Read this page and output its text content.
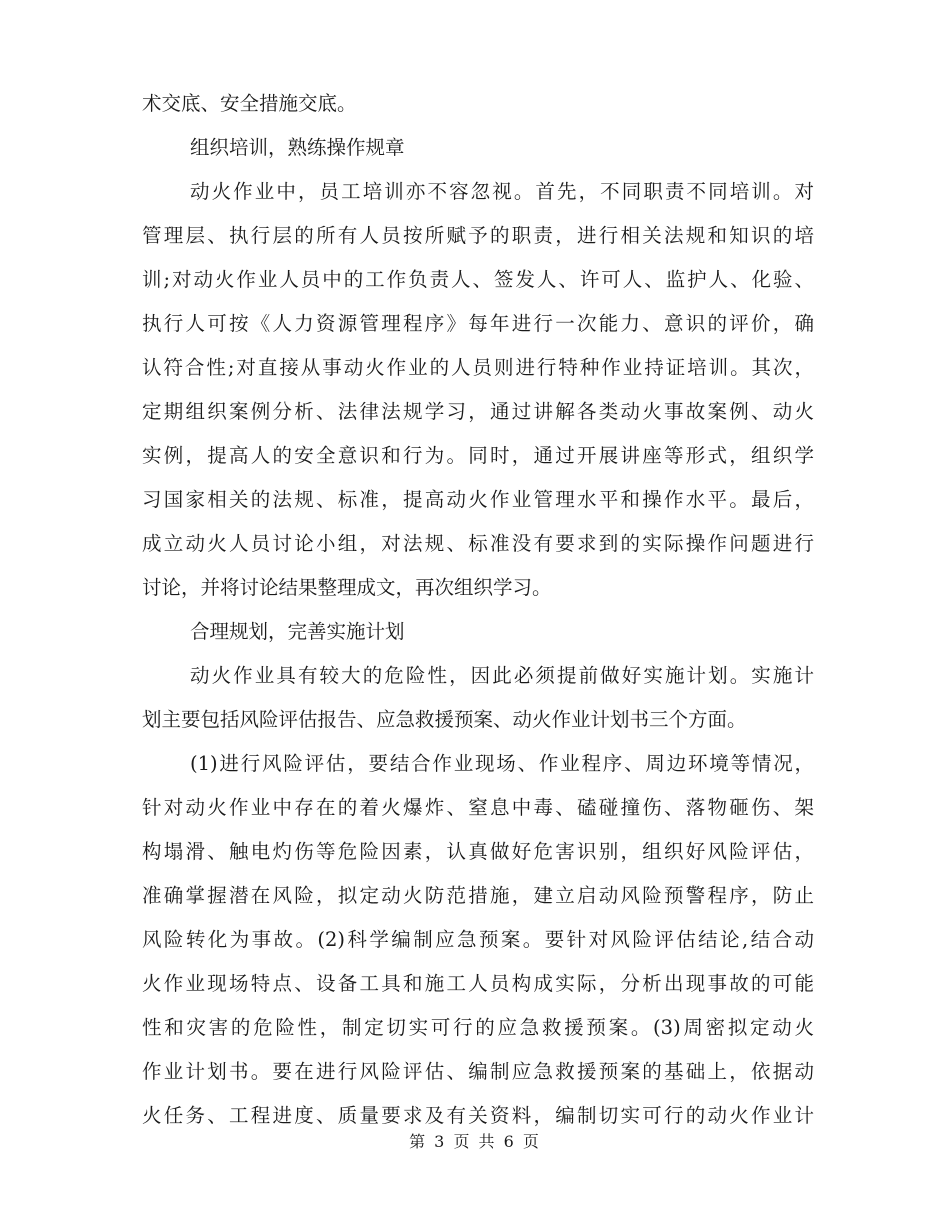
术交底、安全措施交底。
组织培训，熟练操作规章
动火作业中，员工培训亦不容忽视。首先，不同职责不同培训。对
管理层、执行层的所有人员按所赋予的职责，进行相关法规和知识的培
训;对动火作业人员中的工作负责人、签发人、许可人、监护人、化验、
执行人可按《人力资源管理程序》每年进行一次能力、意识的评价，确
认符合性;对直接从事动火作业的人员则进行特种作业持证培训。其次，
定期组织案例分析、法律法规学习，通过讲解各类动火事故案例、动火
实例，提高人的安全意识和行为。同时，通过开展讲座等形式，组织学
习国家相关的法规、标准，提高动火作业管理水平和操作水平。最后，
成立动火人员讨论小组，对法规、标准没有要求到的实际操作问题进行
讨论，并将讨论结果整理成文，再次组织学习。
合理规划，完善实施计划
动火作业具有较大的危险性，因此必须提前做好实施计划。实施计
划主要包括风险评估报告、应急救援预案、动火作业计划书三个方面。
(1)进行风险评估，要结合作业现场、作业程序、周边环境等情况，
针对动火作业中存在的着火爆炸、窒息中毒、磕碰撞伤、落物砸伤、架
构塌滑、触电灼伤等危险因素，认真做好危害识别，组织好风险评估，
准确掌握潜在风险，拟定动火防范措施，建立启动风险预警程序，防止
风险转化为事故。(2)科学编制应急预案。要针对风险评估结论,结合动
火作业现场特点、设备工具和施工人员构成实际，分析出现事故的可能
性和灾害的危险性，制定切实可行的应急救援预案。(3)周密拟定动火
作业计划书。要在进行风险评估、编制应急救援预案的基础上，依据动
火任务、工程进度、质量要求及有关资料，编制切实可行的动火作业计
第 3 页 共 6 页
